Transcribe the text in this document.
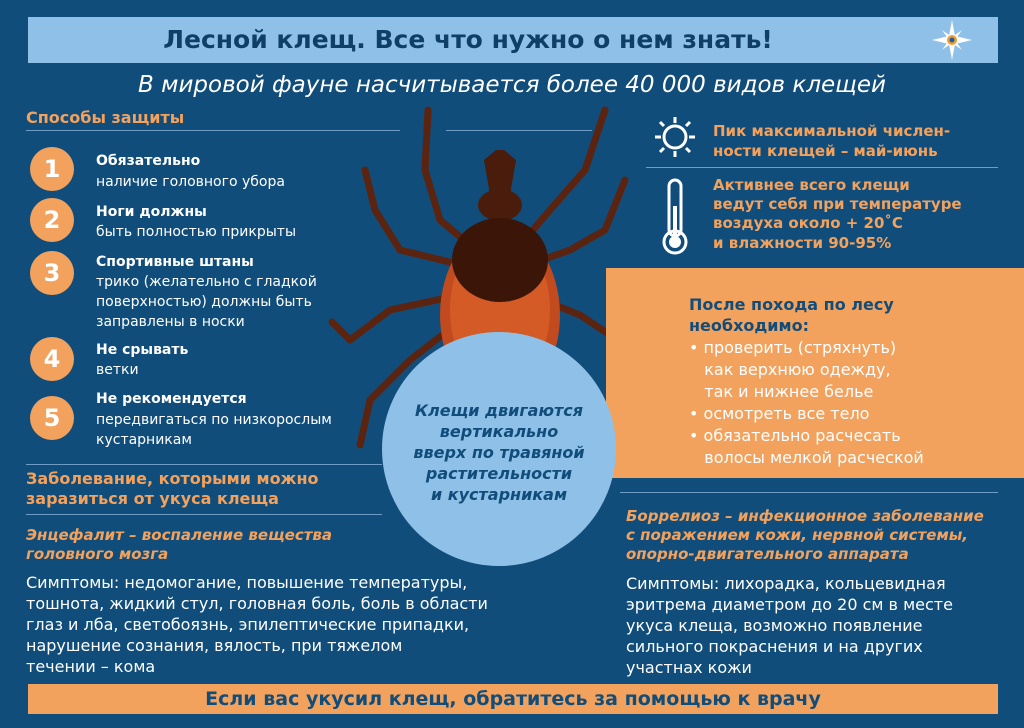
Лесной клещ. Все что нужно о нем знать!
В мировой фауне насчитывается более 40 000 видов клещей
Способы защиты
1	Обязательно
наличие головного убора
2	Ноги должны
быть полностью прикрыты
3	Спортивные штаны
трико (желательно с гладкой
поверхностью) должны быть
заправлены в носки
4	Не срывать
ветки
5
Не рекомендуется
передвигаться по низкорослым
кустарникам
Заболевание, которыми можно
заразиться от укуса клеща
Энцефалит – воспаление вещества
головного мозга
Симптомы: недомогание, повышение температуры,
тошнота, жидкий стул, головная боль, боль в области
глаз и лба, светобоязнь, эпилептические припадки,
нарушение сознания, вялость, при тяжелом
течении – кома
Пик максимальной числен-
ности клещей – май-июнь
Активнее всего клещи
ведут себя при температуре
воздуха около + 20˚С
и влажности 90-95%
После похода по лесу
необходимо:
• проверить (стряхнуть)
как верхнюю одежду,
так и нижнее белье
• осмотреть все тело
• обязательно расчесать
волосы мелкой расческой
Боррелиоз – инфекционное заболевание
с поражением кожи, нервной системы,
опорно-двигательного аппарата
Симптомы: лихорадка, кольцевидная
эритрема диаметром до 20 см в месте
укуса клеща, возможно появление
сильного покраснения и на других
участнах кожи
Клещи двигаются
вертикально
вверх по травяной
растительности
и кустарникам
Если вас укусил клещ, обратитесь за помощью к врачу
